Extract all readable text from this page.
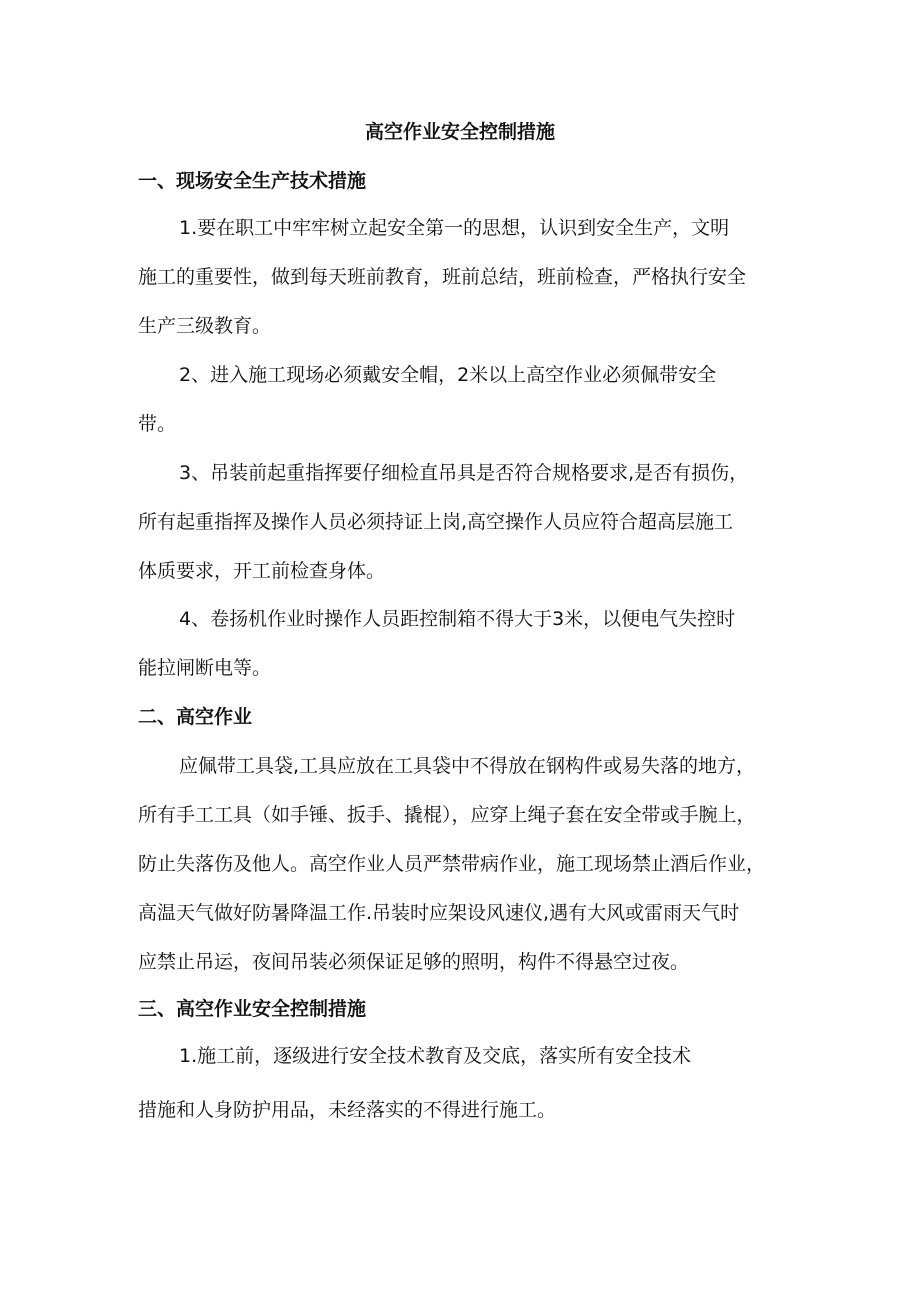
高空作业安全控制措施
一、现场安全生产技术措施
1.要在职工中牢牢树立起安全第一的思想，认识到安全生产，文明
施工的重要性，做到每天班前教育，班前总结，班前检查，严格执行安全
生产三级教育。
2、进入施工现场必须戴安全帽，2米以上高空作业必须佩带安全
带。
3、吊装前起重指挥要仔细检直吊具是否符合规格要求,是否有损伤，
所有起重指挥及操作人员必须持证上岗,高空操作人员应符合超高层施工
体质要求，开工前检查身体。
4、卷扬机作业时操作人员距控制箱不得大于3米，以便电气失控时
能拉闸断电等。
二、高空作业
应佩带工具袋,工具应放在工具袋中不得放在钢构件或易失落的地方，
所有手工工具（如手锤、扳手、撬棍），应穿上绳子套在安全带或手腕上，
防止失落伤及他人。高空作业人员严禁带病作业，施工现场禁止酒后作业，
高温天气做好防暑降温工作.吊装时应架设风速仪,遇有大风或雷雨天气时
应禁止吊运，夜间吊装必须保证足够的照明，构件不得悬空过夜。
三、高空作业安全控制措施
1.施工前，逐级进行安全技术教育及交底，落实所有安全技术
措施和人身防护用品，未经落实的不得进行施工。
